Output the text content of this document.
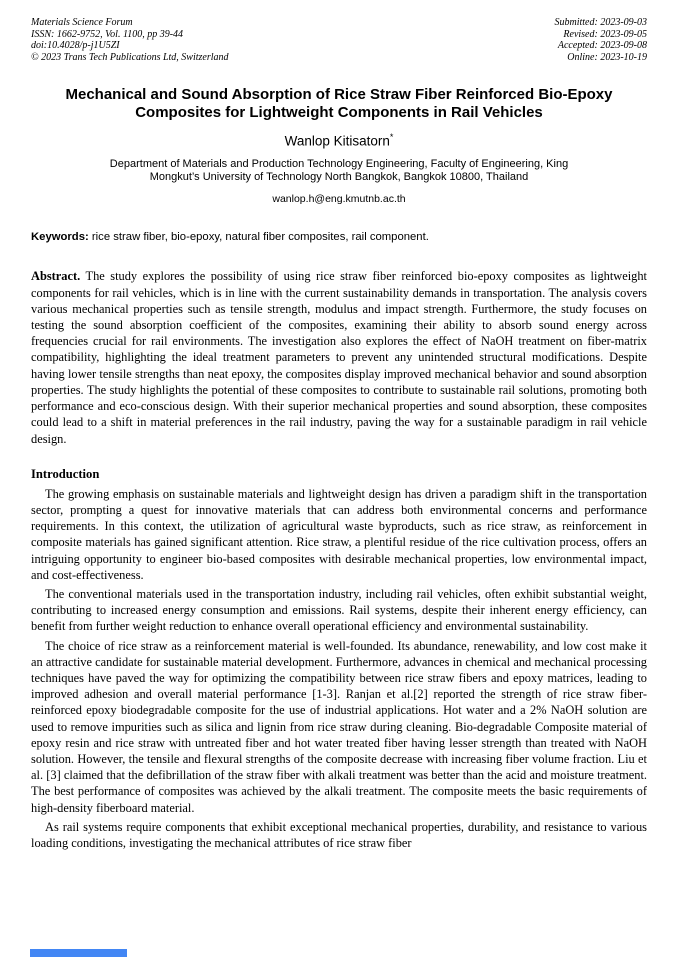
Materials Science Forum
ISSN: 1662-9752, Vol. 1100, pp 39-44
doi:10.4028/p-j1U5ZI
© 2023 Trans Tech Publications Ltd, Switzerland
Submitted: 2023-09-03
Revised: 2023-09-05
Accepted: 2023-09-08
Online: 2023-10-19
Mechanical and Sound Absorption of Rice Straw Fiber Reinforced Bio-Epoxy Composites for Lightweight Components in Rail Vehicles
Wanlop Kitisatorn*
Department of Materials and Production Technology Engineering, Faculty of Engineering, King Mongkut’s University of Technology North Bangkok, Bangkok 10800, Thailand
wanlop.h@eng.kmutnb.ac.th
Keywords: rice straw fiber, bio-epoxy, natural fiber composites, rail component.

Abstract. The study explores the possibility of using rice straw fiber reinforced bio-epoxy composites as lightweight components for rail vehicles, which is in line with the current sustainability demands in transportation. The analysis covers various mechanical properties such as tensile strength, modulus and impact strength. Furthermore, the study focuses on testing the sound absorption coefficient of the composites, examining their ability to absorb sound energy across frequencies crucial for rail environments. The investigation also explores the effect of NaOH treatment on fiber-matrix compatibility, highlighting the ideal treatment parameters to prevent any unintended structural modifications. Despite having lower tensile strengths than neat epoxy, the composites display improved mechanical behavior and sound absorption properties. The study highlights the potential of these composites to contribute to sustainable rail solutions, promoting both performance and eco-conscious design. With their superior mechanical properties and sound absorption, these composites could lead to a shift in material preferences in the rail industry, paving the way for a sustainable paradigm in rail vehicle design.

Introduction

The growing emphasis on sustainable materials and lightweight design has driven a paradigm shift in the transportation sector, prompting a quest for innovative materials that can address both environmental concerns and performance requirements. In this context, the utilization of agricultural waste byproducts, such as rice straw, as reinforcement in composite materials has gained significant attention. Rice straw, a plentiful residue of the rice cultivation process, offers an intriguing opportunity to engineer bio-based composites with desirable mechanical properties, low environmental impact, and cost-effectiveness.

The conventional materials used in the transportation industry, including rail vehicles, often exhibit substantial weight, contributing to increased energy consumption and emissions. Rail systems, despite their inherent energy efficiency, can benefit from further weight reduction to enhance overall operational efficiency and environmental sustainability.

The choice of rice straw as a reinforcement material is well-founded. Its abundance, renewability, and low cost make it an attractive candidate for sustainable material development. Furthermore, advances in chemical and mechanical processing techniques have paved the way for optimizing the compatibility between rice straw fibers and epoxy matrices, leading to improved adhesion and overall material performance [1-3]. Ranjan et al.[2] reported the strength of rice straw fiber-reinforced epoxy biodegradable composite for the use of industrial applications. Hot water and a 2% NaOH solution are used to remove impurities such as silica and lignin from rice straw during cleaning. Bio-degradable Composite material of epoxy resin and rice straw with untreated fiber and hot water treated fiber having lesser strength than treated with NaOH solution. However, the tensile and flexural strengths of the composite decrease with increasing fiber volume fraction. Liu et al. [3] claimed that the defibrillation of the straw fiber with alkali treatment was better than the acid and moisture treatment. The best performance of composites was achieved by the alkali treatment. The composite meets the basic requirements of high-density fiberboard material.

As rail systems require components that exhibit exceptional mechanical properties, durability, and resistance to various loading conditions, investigating the mechanical attributes of rice straw fiber
